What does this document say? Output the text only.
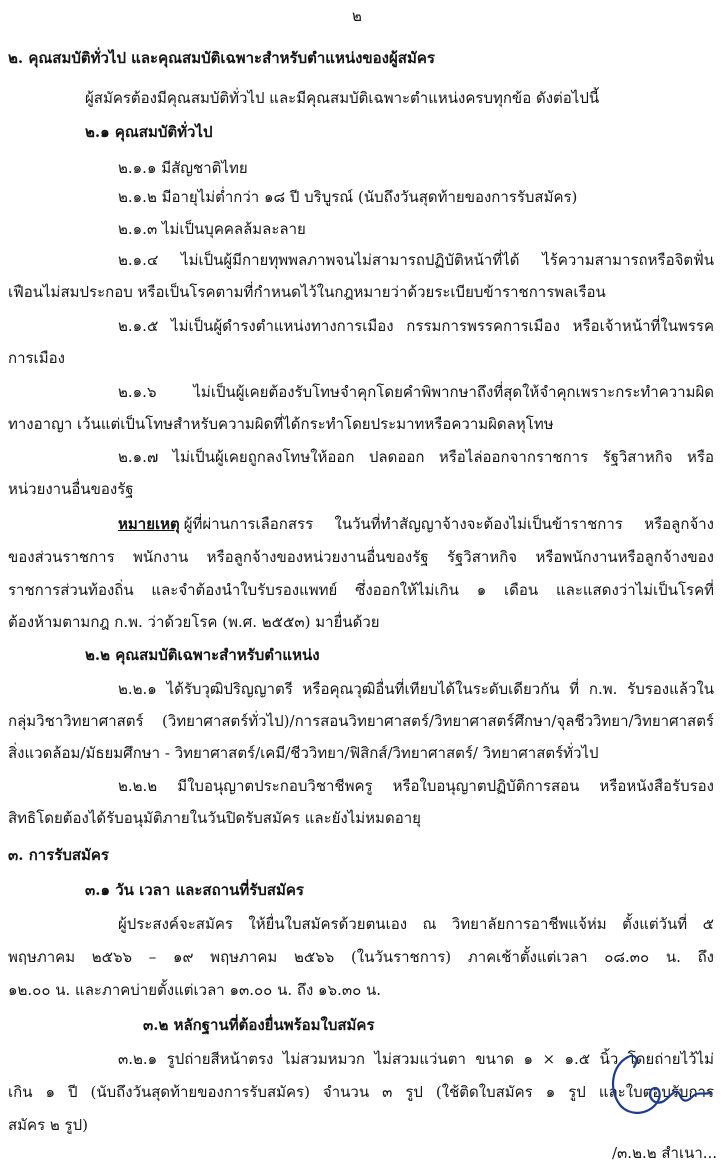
๒
๒. คุณสมบัติทั่วไป และคุณสมบัติเฉพาะสำหรับตำแหน่งของผู้สมัคร
ผู้สมัครต้องมีคุณสมบัติทั่วไป และมีคุณสมบัติเฉพาะตำแหน่งครบทุกข้อ ดังต่อไปนี้
๒.๑ คุณสมบัติทั่วไป
๒.๑.๑ มีสัญชาติไทย
๒.๑.๒ มีอายุไม่ต่ำกว่า ๑๘ ปี บริบูรณ์ (นับถึงวันสุดท้ายของการรับสมัคร)
๒.๑.๓ ไม่เป็นบุคคลล้มละลาย
๒.๑.๔ ไม่เป็นผู้มีกายทุพพลภาพจนไม่สามารถปฏิบัติหน้าที่ได้ ไร้ความสามารถหรือจิตฟั่น
เฟือนไม่สมประกอบ หรือเป็นโรคตามที่กำหนดไว้ในกฎหมายว่าด้วยระเบียบข้าราชการพลเรือน
๒.๑.๕ ไม่เป็นผู้ดำรงตำแหน่งทางการเมือง กรรมการพรรคการเมือง หรือเจ้าหน้าที่ในพรรค
การเมือง
๒.๑.๖ ไม่เป็นผู้เคยต้องรับโทษจำคุกโดยคำพิพากษาถึงที่สุดให้จำคุกเพราะกระทำความผิด
ทางอาญา เว้นแต่เป็นโทษสำหรับความผิดที่ได้กระทำโดยประมาทหรือความผิดลหุโทษ
๒.๑.๗ ไม่เป็นผู้เคยถูกลงโทษให้ออก ปลดออก หรือไล่ออกจากราชการ รัฐวิสาหกิจ หรือ
หน่วยงานอื่นของรัฐ
หมายเหตุ ผู้ที่ผ่านการเลือกสรร ในวันที่ทำสัญญาจ้างจะต้องไม่เป็นข้าราชการ หรือลูกจ้าง
ของส่วนราชการ พนักงาน หรือลูกจ้างของหน่วยงานอื่นของรัฐ รัฐวิสาหกิจ หรือพนักงานหรือลูกจ้างของ
ราชการส่วนท้องถิ่น และจำต้องนำใบรับรองแพทย์ ซึ่งออกให้ไม่เกิน ๑ เดือน และแสดงว่าไม่เป็นโรคที่
ต้องห้ามตามกฎ ก.พ. ว่าด้วยโรค (พ.ศ. ๒๕๕๓) มายื่นด้วย
๒.๒ คุณสมบัติเฉพาะสำหรับตำแหน่ง
๒.๒.๑ ได้รับวุฒิปริญญาตรี หรือคุณวุฒิอื่นที่เทียบได้ในระดับเดียวกัน ที่ ก.พ. รับรองแล้วใน
กลุ่มวิชาวิทยาศาสตร์ (วิทยาศาสตร์ทั่วไป)/การสอนวิทยาศาสตร์/วิทยาศาสตร์ศึกษา/จุลชีววิทยา/วิทยาศาสตร์
สิ่งแวดล้อม/มัธยมศึกษา - วิทยาศาสตร์/เคมี/ชีววิทยา/ฟิสิกส์/วิทยาศาสตร์/ วิทยาศาสตร์ทั่วไป
๒.๒.๒ มีใบอนุญาตประกอบวิชาชีพครู หรือใบอนุญาตปฏิบัติการสอน หรือหนังสือรับรอง
สิทธิโดยต้องได้รับอนุมัติภายในวันปิดรับสมัคร และยังไม่หมดอายุ
๓. การรับสมัคร
๓.๑ วัน เวลา และสถานที่รับสมัคร
ผู้ประสงค์จะสมัคร ให้ยื่นใบสมัครด้วยตนเอง ณ วิทยาลัยการอาชีพแจ้ห่ม ตั้งแต่วันที่ ๕
พฤษภาคม ๒๕๖๖ – ๑๙ พฤษภาคม ๒๕๖๖ (ในวันราชการ) ภาคเช้าตั้งแต่เวลา ๐๘.๓๐ น. ถึง
๑๒.๐๐ น. และภาคบ่ายตั้งแต่เวลา ๑๓.๐๐ น. ถึง ๑๖.๓๐ น.
๓.๒ หลักฐานที่ต้องยื่นพร้อมใบสมัคร
๓.๒.๑ รูปถ่ายสีหน้าตรง ไม่สวมหมวก ไม่สวมแว่นตา ขนาด ๑ × ๑.๕ นิ้ว โดยถ่ายไว้ไม่
เกิน ๑ ปี (นับถึงวันสุดท้ายของการรับสมัคร) จำนวน ๓ รูป (ใช้ติดใบสมัคร ๑ รูป และใบตอบรับการ
สมัคร ๒ รูป)
/๓.๒.๒ สำเนา...
